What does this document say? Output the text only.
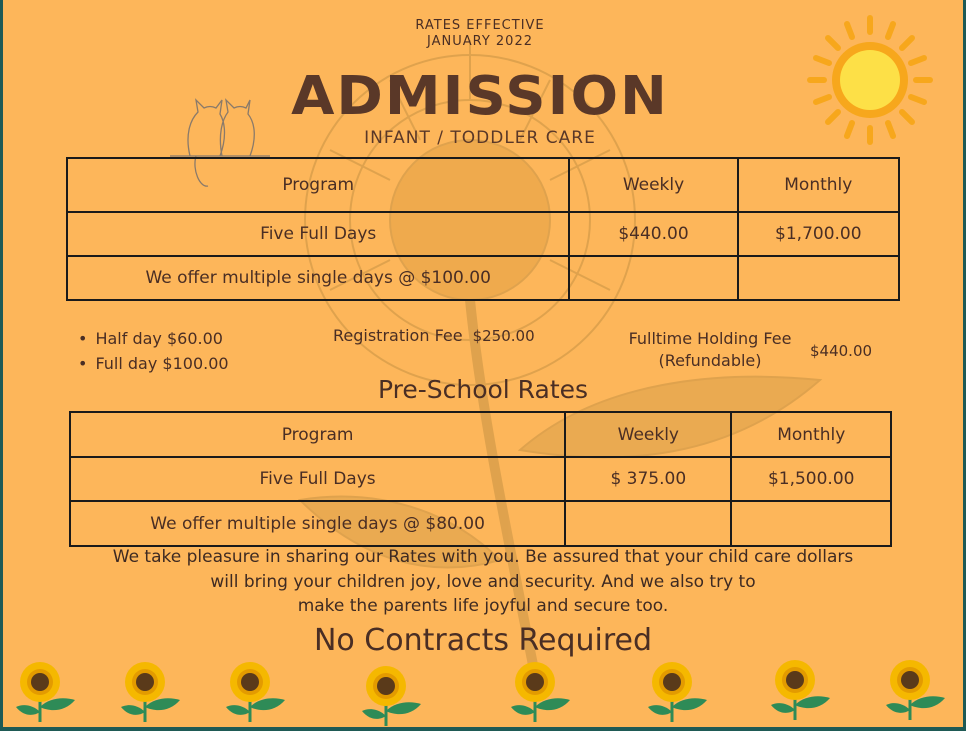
RATES EFFECTIVE
JANUARY 2022
ADMISSION
INFANT / TODDLER CARE
Program	Weekly	Monthly
Five Full Days	$440.00	$1,700.00
We offer multiple single days @ $100.00		
• Half day $60.00
• Full day $100.00
Registration Fee $250.00	Fulltime Holding Fee
(Refundable)	$440.00
Pre-School Rates
Program	Weekly	Monthly
Five Full Days	$ 375.00	$1,500.00
We offer multiple single days @ $80.00		
We take pleasure in sharing our Rates with you. Be assured that your child care dollars
will bring your children joy, love and security. And we also try to
make the parents life joyful and secure too.
No Contracts Required
